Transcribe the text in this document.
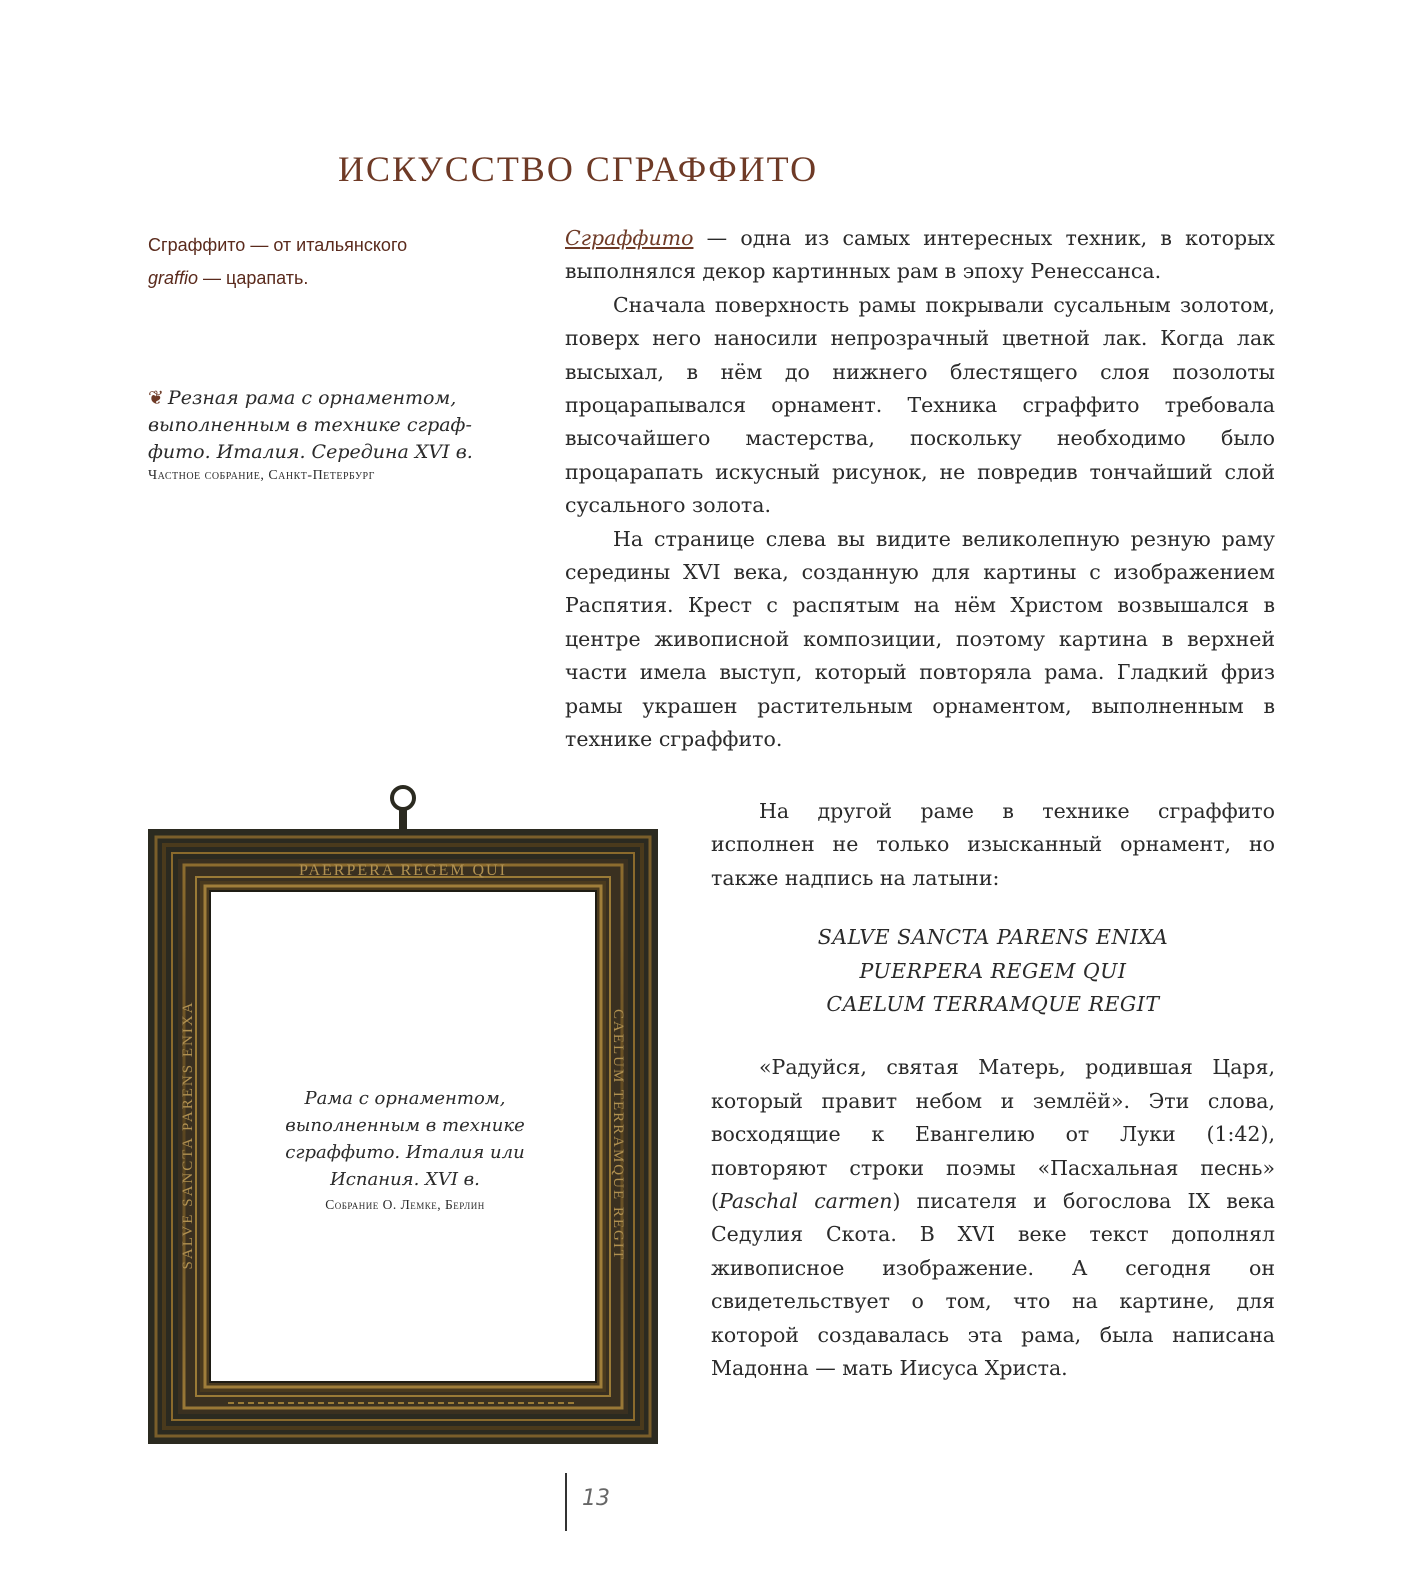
ИСКУССТВО СГРАФФИТО
Сграффито — от итальянского
graffio — царапать.
❦ Резная рама с орнаментом, выполненным в технике сграффито. Италия. Середина XVI в.
Частное собрание, Санкт-Петербург

Сграффито — одна из самых интересных техник, в которых выполнялся декор картинных рам в эпоху Ренессанса.

Сначала поверхность рамы покрывали сусальным золотом, поверх него наносили непрозрачный цветной лак. Когда лак высыхал, в нём до нижнего блестящего слоя позолоты процарапывался орнамент. Техника сграффито требовала высочайшего мастерства, поскольку необходимо было процарапать искусный рисунок, не повредив тончайший слой сусального золота.

На странице слева вы видите великолепную резную раму середины XVI века, созданную для картины с изображением Распятия. Крест с распятым на нём Христом возвышался в центре живописной композиции, поэтому картина в верхней части имела выступ, который повторяла рама. Гладкий фриз рамы украшен растительным орнаментом, выполненным в технике сграффито.

На другой раме в технике сграффито исполнен не только изысканный орнамент, но также надпись на латыни:

SALVE SANCTA PARENS ENIXA
PUERPERA REGEM QUI
CAELUM TERRAMQUE REGIT

«Радуйся, святая Матерь, родившая Царя, который правит небом и землёй». Эти слова, восходящие к Евангелию от Луки (1:42), повторяют строки поэмы «Пасхальная песнь» (Paschal carmen) писателя и богослова IX века Седулия Скота. В XVI веке текст дополнял живописное изображение. А сегодня он свидетельствует о том, что на картине, для которой создавалась эта рама, была написана Мадонна — мать Иисуса Христа.

PAERPERA REGEM QUI
SALVE SANCTA PARENS ENIXA	CAELUM TERRAMQUE REGIT
Рама с орнаментом, выполненным в технике сграффито. Италия или Испания. XVI в.
Собрание О. Лемке, Берлин
13
